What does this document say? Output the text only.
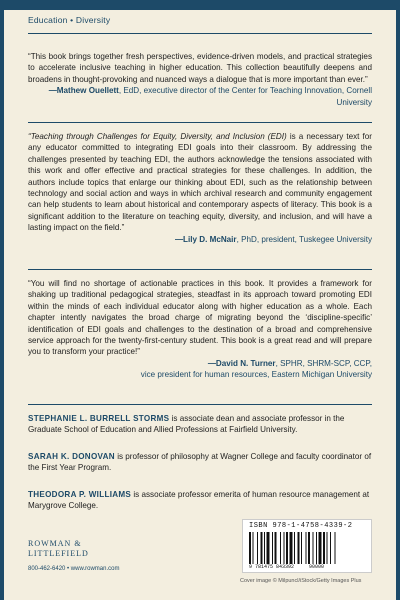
Education • Diversity
“This book brings together fresh perspectives, evidence-driven models, and practical strategies to accelerate inclusive teaching in higher education. This collection beautifully deepens and broadens in thought-provoking and nuanced ways a dialogue that is more important than ever.”
—Mathew Ouellett, EdD, executive director of the Center for Teaching Innovation, Cornell University
“Teaching through Challenges for Equity, Diversity, and Inclusion (EDI) is a necessary text for any educator committed to integrating EDI goals into their classroom. By addressing the challenges presented by teaching EDI, the authors acknowledge the tensions associated with this work and offer effective and practical strategies for these challenges. In addition, the authors include topics that enlarge our thinking about EDI, such as the relationship between technology and social action and ways in which archival research and community engagement can help students to learn about historical and contemporary aspects of literacy. This book is a significant addition to the literature on teaching equity, diversity, and inclusion, and will have a lasting impact on the field.”
—Lily D. McNair, PhD, president, Tuskegee University
“You will find no shortage of actionable practices in this book. It provides a framework for shaking up traditional pedagogical strategies, steadfast in its approach toward promoting EDI within the minds of each individual educator along with higher education as a whole. Each chapter intently navigates the broad charge of migrating beyond the ‘discipline-specific’ identification of EDI goals and challenges to the destination of a broad and comprehensive service approach for the twenty-first-century student. This book is a great read and will prepare you to transform your practice!”
—David N. Turner, SPHR, SHRM-SCP, CCP,
vice president for human resources, Eastern Michigan University
STEPHANIE L. BURRELL STORMS is associate dean and associate professor in the Graduate School of Education and Allied Professions at Fairfield University.
SARAH K. DONOVAN is professor of philosophy at Wagner College and faculty coordinator of the First Year Program.
THEODORA P. WILLIAMS is associate professor emerita of human resource management at Marygrove College.
ROWMAN &
LITTLEFIELD
800-462-6420 • www.rowman.com
ISBN 978-1-4758-4339-2
9 781475 843392	90000
Cover image © Milpuncl/iStock/Getty Images Plus
